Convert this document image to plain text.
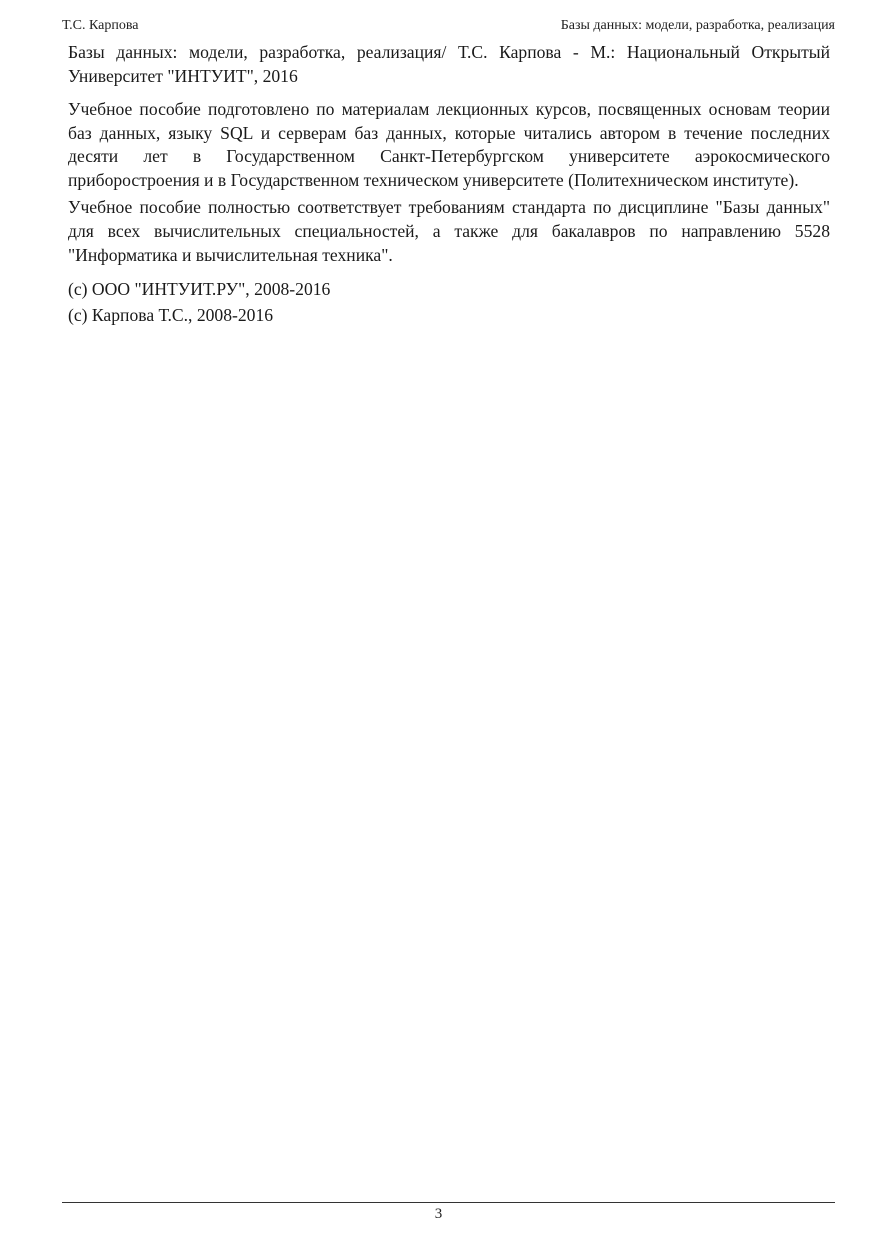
Т.С. Карпова	Базы данных: модели, разработка, реализация

Базы данных: модели, разработка, реализация/ Т.С. Карпова - М.: Национальный Открытый Университет "ИНТУИТ", 2016

Учебное пособие подготовлено по материалам лекционных курсов, посвященных основам теории баз данных, языку SQL и серверам баз данных, которые читались автором в течение последних десяти лет в Государственном Санкт-Петербургском университете аэрокосмического приборостроения и в Государственном техническом университете (Политехническом институте).

Учебное пособие полностью соответствует требованиям стандарта по дисциплине "Базы данных" для всех вычислительных специальностей, а также для бакалавров по направлению 5528 "Информатика и вычислительная техника".

(c) ООО "ИНТУИТ.РУ", 2008-2016
(c) Карпова Т.С., 2008-2016
3
